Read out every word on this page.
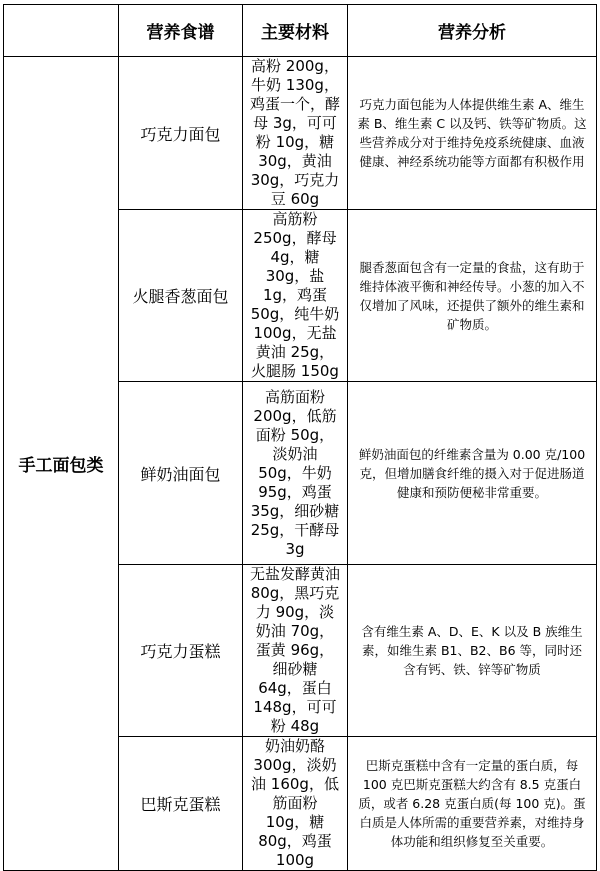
	营养食谱	主要材料	营养分析
手工面包类	巧克力面包	高粉 200g，牛奶 130g，鸡蛋一个，酵母 3g，可可粉 10g，糖 30g，黄油 30g，巧克力豆 60g	巧克力面包能为人体提供维生素 A、维生素 B、维生素 C 以及钙、铁等矿物质。这些营养成分对于维持免疫系统健康、血液健康、神经系统功能等方面都有积极作用
	火腿香葱面包	高筋粉 250g，酵母 4g，糖 30g，盐 1g，鸡蛋 50g，纯牛奶 100g，无盐黄油 25g，火腿肠 150g	腿香葱面包含有一定量的食盐，这有助于维持体液平衡和神经传导。小葱的加入不仅增加了风味，还提供了额外的维生素和矿物质。
	鲜奶油面包	高筋面粉 200g，低筋面粉 50g，淡奶油 50g，牛奶 95g，鸡蛋 35g，细砂糖 25g，干酵母 3g	鲜奶油面包的纤维素含量为 0.00 克/100 克，但增加膳食纤维的摄入对于促进肠道健康和预防便秘非常重要。
	巧克力蛋糕	无盐发酵黄油 80g，黑巧克力 90g，淡奶油 70g，蛋黄 96g，细砂糖 64g，蛋白 148g，可可粉 48g	含有维生素 A、D、E、K 以及 B 族维生素，如维生素 B1、B2、B6 等，同时还含有钙、铁、锌等矿物质
	巴斯克蛋糕	奶油奶酪 300g，淡奶油 160g，低筋面粉 10g，糖 80g，鸡蛋 100g	巴斯克蛋糕中含有一定量的蛋白质，每 100 克巴斯克蛋糕大约含有 8.5 克蛋白质，或者 6.28 克蛋白质(每 100 克)。蛋白质是人体所需的重要营养素，对维持身体功能和组织修复至关重要。
